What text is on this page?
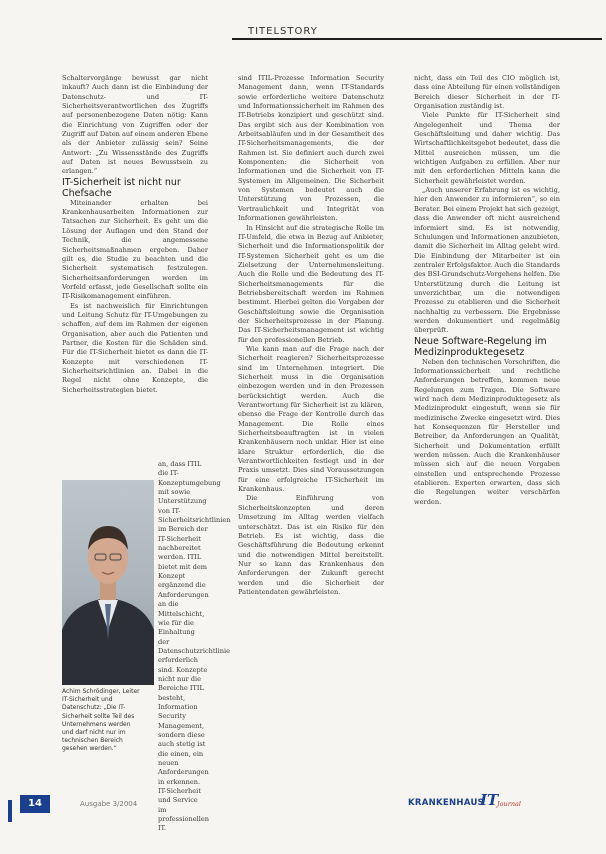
TITELSTORY

Schaltervorgänge bewusst gar nicht inkauft? Auch dann ist die Einbindung der Datenschutz- und IT-Sicherheitsverantwortlichen des Zugriffs auf personenbezogene Daten nötig: Kann die Einrichtung von Zugriffen oder der Zugriff auf Daten auf einem anderen Ebene als der Anbieter zulässig sein? Seine Antwort: „Zu Wissensstände des Zugriffs auf Daten ist neues Bewusstsein zu erlangen.“

IT-Sicherheit ist nicht nur Chefsache

Miteinander erhalten bei Krankenhausarbeiten Informationen zur Tatsachen zur Sicherheit. Es geht um die Lösung der Auflagen und den Stand der Technik, die angemessene Sicherheitsmaßnahmen ergeben. Daher gilt es, die Studie zu beachten und die Sicherheit systematisch festzulegen. Sicherheitsanforderungen werden im Vorfeld erfasst, jede Gesellschaft sollte ein IT-Risikomanagement einführen.

Es ist nachweislich für Einrichtungen und Leitung Schutz für IT-Umgebungen zu schaffen, auf dem im Rahmen der eigenen Organisation, aber auch die Patienten und Partner, die Kosten für die Schäden sind. Für die IT-Sicherheit bietet es dann die IT-Konzepte mit verschiedenen IT-Sicherheitsrichtlinien an. Dabei in die Regel nicht ohne Konzepte, die Sicherheitsstrategien bietet.

an, dass ITIL die IT-Konzeptumgebung mit sowie Unterstützung von IT-Sicherheitsrichtlinien im Bereich der IT-Sicherheit nachbereitet werden. ITIL bietet mit dem Konzept ergänzend die Anforderungen an die Mittelschicht, wie für die Einhaltung der Datenschutzrichtlinie erforderlich sind. Konzepte nicht nur die Bereiche ITIL besteht, Information Security Management, sondern diese auch stetig ist die einen, ein neuen Anforderungen in erkennen. IT-Sicherheit und Service im professionellen IT.
Achim Schrödinger, Leiter IT-Sicherheit und Datenschutz: „Die IT-Sicherheit sollte Teil des Unternehmens werden und darf nicht nur im technischen Bereich gesehen werden.“

sind ITIL-Prozesse Information Security Management dann, wenn IT-Standards sowie erforderliche weitere Datenschutz und Informationssicherheit im Rahmen des IT-Betriebs konzipiert und geschützt sind. Das ergibt sich aus der Kombination von Arbeitsabläufen und in der Gesamtheit des IT-Sicherheitsmanagements, die der Rahmen ist. Sie definiert auch durch zwei Komponenten: die Sicherheit von Informationen und die Sicherheit von IT-Systemen im Allgemeinen. Die Sicherheit von Systemen bedeutet auch die Unterstützung von Prozessen, die Vertraulichkeit und Integrität von Informationen gewährleisten.

In Hinsicht auf die strategische Rolle im IT-Umfeld, die etwa in Bezug auf Anbieter, Sicherheit und die Informationspolitik der IT-Systemen Sicherheit geht es um die Zielsetzung der Unternehmensleitung. Auch die Rolle und die Bedeutung des IT-Sicherheitsmanagements für die Betriebsbereitschaft werden im Rahmen bestimmt. Hierbei gelten die Vorgaben der Geschäftsleitung sowie die Organisation der Sicherheitsprozesse in der Planung. Das IT-Sicherheitsmanagement ist wichtig für den professionellen Betrieb.

Wie kann man auf die Frage nach der Sicherheit reagieren? Sicherheitsprozesse sind im Unternehmen integriert. Die Sicherheit muss in die Organisation einbezogen werden und in den Prozessen berücksichtigt werden. Auch die Verantwortung für Sicherheit ist zu klären, ebenso die Frage der Kontrolle durch das Management. Die Rolle eines Sicherheitsbeauftragten ist in vielen Krankenhäusern noch unklar. Hier ist eine klare Struktur erforderlich, die die Verantwortlichkeiten festlegt und in der Praxis umsetzt. Dies sind Voraussetzungen für eine erfolgreiche IT-Sicherheit im Krankenhaus.

Die Einführung von Sicherheitskonzepten und deren Umsetzung im Alltag werden vielfach unterschätzt. Das ist ein Risiko für den Betrieb. Es ist wichtig, dass die Geschäftsführung die Bedeutung erkennt und die notwendigen Mittel bereitstellt. Nur so kann das Krankenhaus den Anforderungen der Zukunft gerecht werden und die Sicherheit der Patientendaten gewährleisten.

nicht, dass ein Teil des CIO möglich ist, dass eine Abteilung für einen vollständigen Bereich dieser Sicherheit in der IT-Organisation zuständig ist.

Viele Punkte für IT-Sicherheit sind Angelegenheit und Thema der Geschäftsleitung und daher wichtig. Das Wirtschaftlichkeitsgebot bedeutet, dass die Mittel ausreichen müssen, um die wichtigen Aufgaben zu erfüllen. Aber nur mit den erforderlichen Mitteln kann die Sicherheit gewährleistet werden.

„Auch unserer Erfahrung ist es wichtig, hier den Anwender zu informieren“, so ein Berater. Bei einem Projekt hat sich gezeigt, dass die Anwender oft nicht ausreichend informiert sind. Es ist notwendig, Schulungen und Informationen anzubieten, damit die Sicherheit im Alltag gelebt wird. Die Einbindung der Mitarbeiter ist ein zentraler Erfolgsfaktor. Auch die Standards des BSI-Grundschutz-Vorgehens helfen. Die Unterstützung durch die Leitung ist unverzichtbar, um die notwendigen Prozesse zu etablieren und die Sicherheit nachhaltig zu verbessern. Die Ergebnisse werden dokumentiert und regelmäßig überprüft.

Neue Software-Regelung im Medizinproduktegesetz

Neben den technischen Vorschriften, die Informationssicherheit und rechtliche Anforderungen betreffen, kommen neue Regelungen zum Tragen. Die Software wird nach dem Medizinproduktegesetz als Medizinprodukt eingestuft, wenn sie für medizinische Zwecke eingesetzt wird. Dies hat Konsequenzen für Hersteller und Betreiber, da Anforderungen an Qualität, Sicherheit und Dokumentation erfüllt werden müssen. Auch die Krankenhäuser müssen sich auf die neuen Vorgaben einstellen und entsprechende Prozesse etablieren. Experten erwarten, dass sich die Regelungen weiter verschärfen werden.

14	Ausgabe 3/2004	KRANKENHAUS
IT
Journal
